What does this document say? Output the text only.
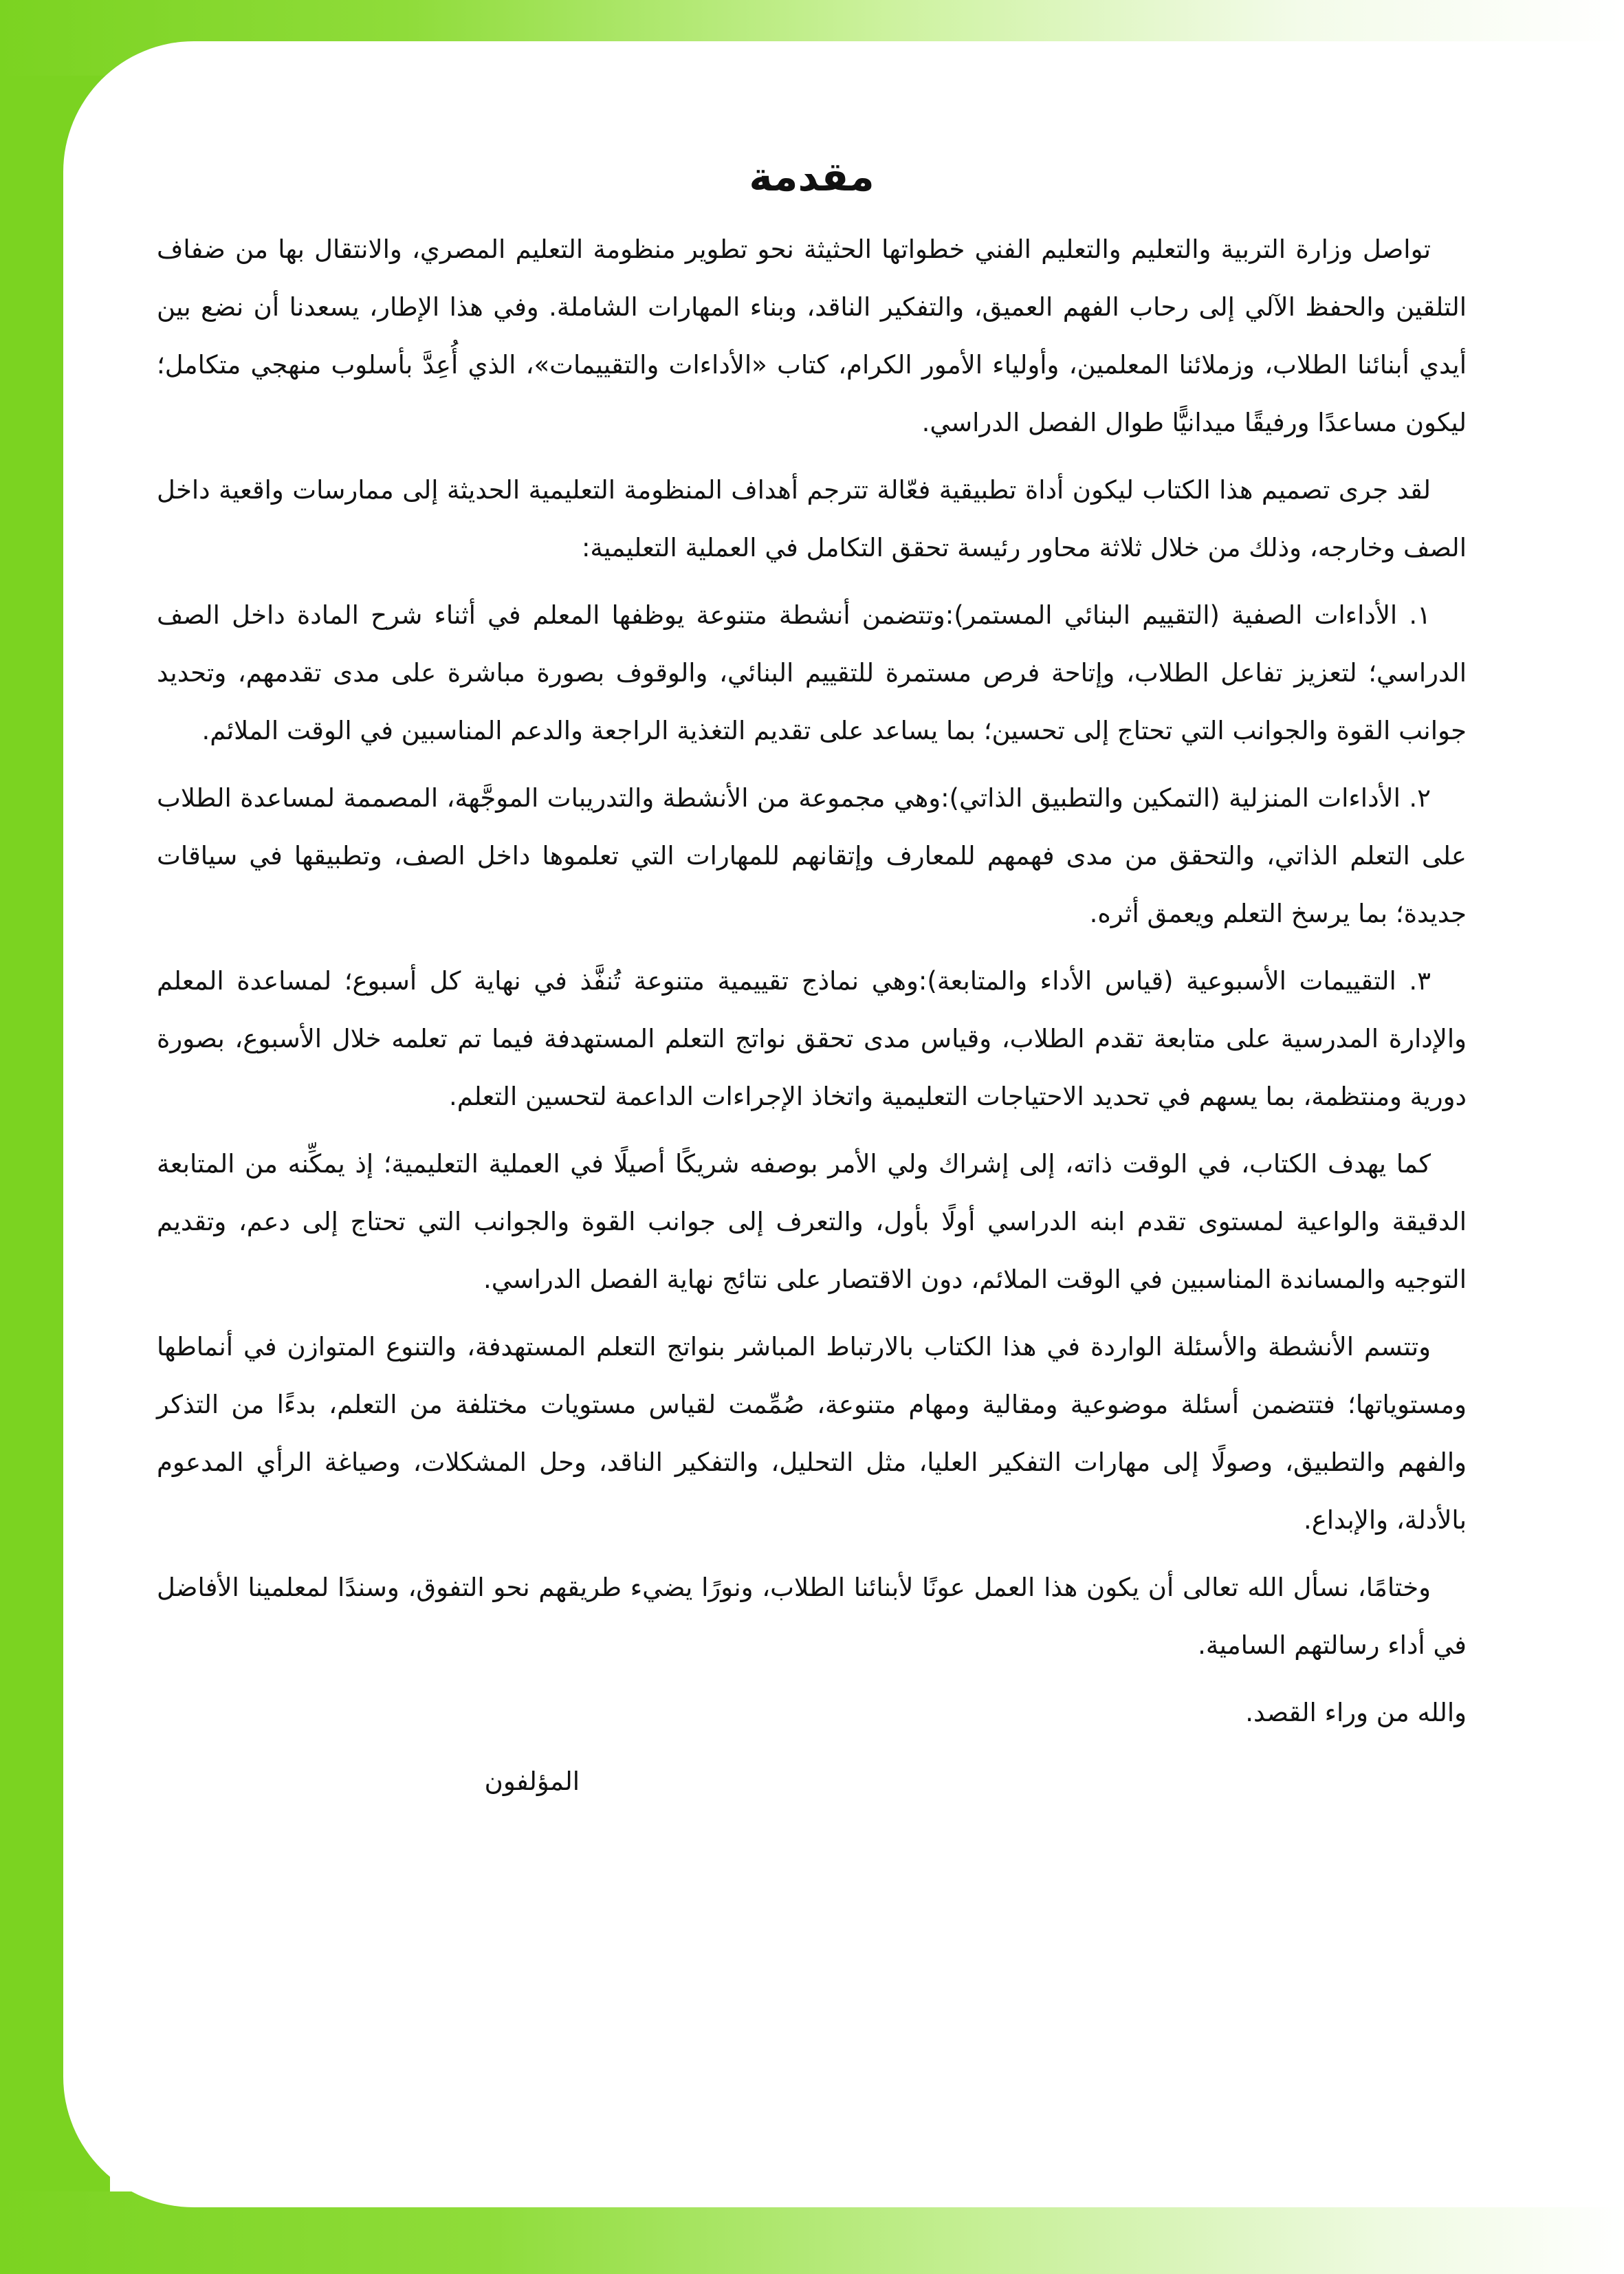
مقدمة

تواصل وزارة التربية والتعليم والتعليم الفني خطواتها الحثيثة نحو تطوير منظومة التعليم المصري، والانتقال بها من ضفاف التلقين والحفظ الآلي إلى رحاب الفهم العميق، والتفكير الناقد، وبناء المهارات الشاملة. وفي هذا الإطار، يسعدنا أن نضع بين أيدي أبنائنا الطلاب، وزملائنا المعلمين، وأولياء الأمور الكرام، كتاب «الأداءات والتقييمات»، الذي أُعِدَّ بأسلوب منهجي متكامل؛ ليكون مساعدًا ورفيقًا ميدانيًّا طوال الفصل الدراسي.

لقد جرى تصميم هذا الكتاب ليكون أداة تطبيقية فعّالة تترجم أهداف المنظومة التعليمية الحديثة إلى ممارسات واقعية داخل الصف وخارجه، وذلك من خلال ثلاثة محاور رئيسة تحقق التكامل في العملية التعليمية:

١. الأداءات الصفية (التقييم البنائي المستمر):وتتضمن أنشطة متنوعة يوظفها المعلم في أثناء شرح المادة داخل الصف الدراسي؛ لتعزيز تفاعل الطلاب، وإتاحة فرص مستمرة للتقييم البنائي، والوقوف بصورة مباشرة على مدى تقدمهم، وتحديد جوانب القوة والجوانب التي تحتاج إلى تحسين؛ بما يساعد على تقديم التغذية الراجعة والدعم المناسبين في الوقت الملائم.

٢. الأداءات المنزلية (التمكين والتطبيق الذاتي):وهي مجموعة من الأنشطة والتدريبات الموجَّهة، المصممة لمساعدة الطلاب على التعلم الذاتي، والتحقق من مدى فهمهم للمعارف وإتقانهم للمهارات التي تعلموها داخل الصف، وتطبيقها في سياقات جديدة؛ بما يرسخ التعلم ويعمق أثره.

٣. التقييمات الأسبوعية (قياس الأداء والمتابعة):وهي نماذج تقييمية متنوعة تُنفَّذ في نهاية كل أسبوع؛ لمساعدة المعلم والإدارة المدرسية على متابعة تقدم الطلاب، وقياس مدى تحقق نواتج التعلم المستهدفة فيما تم تعلمه خلال الأسبوع، بصورة دورية ومنتظمة، بما يسهم في تحديد الاحتياجات التعليمية واتخاذ الإجراءات الداعمة لتحسين التعلم.

كما يهدف الكتاب، في الوقت ذاته، إلى إشراك ولي الأمر بوصفه شريكًا أصيلًا في العملية التعليمية؛ إذ يمكِّنه من المتابعة الدقيقة والواعية لمستوى تقدم ابنه الدراسي أولًا بأول، والتعرف إلى جوانب القوة والجوانب التي تحتاج إلى دعم، وتقديم التوجيه والمساندة المناسبين في الوقت الملائم، دون الاقتصار على نتائج نهاية الفصل الدراسي.

وتتسم الأنشطة والأسئلة الواردة في هذا الكتاب بالارتباط المباشر بنواتج التعلم المستهدفة، والتنوع المتوازن في أنماطها ومستوياتها؛ فتتضمن أسئلة موضوعية ومقالية ومهام متنوعة، صُمِّمت لقياس مستويات مختلفة من التعلم، بدءًا من التذكر والفهم والتطبيق، وصولًا إلى مهارات التفكير العليا، مثل التحليل، والتفكير الناقد، وحل المشكلات، وصياغة الرأي المدعوم بالأدلة، والإبداع.

وختامًا، نسأل الله تعالى أن يكون هذا العمل عونًا لأبنائنا الطلاب، ونورًا يضيء طريقهم نحو التفوق، وسندًا لمعلمينا الأفاضل في أداء رسالتهم السامية.

والله من وراء القصد.

المؤلفون
